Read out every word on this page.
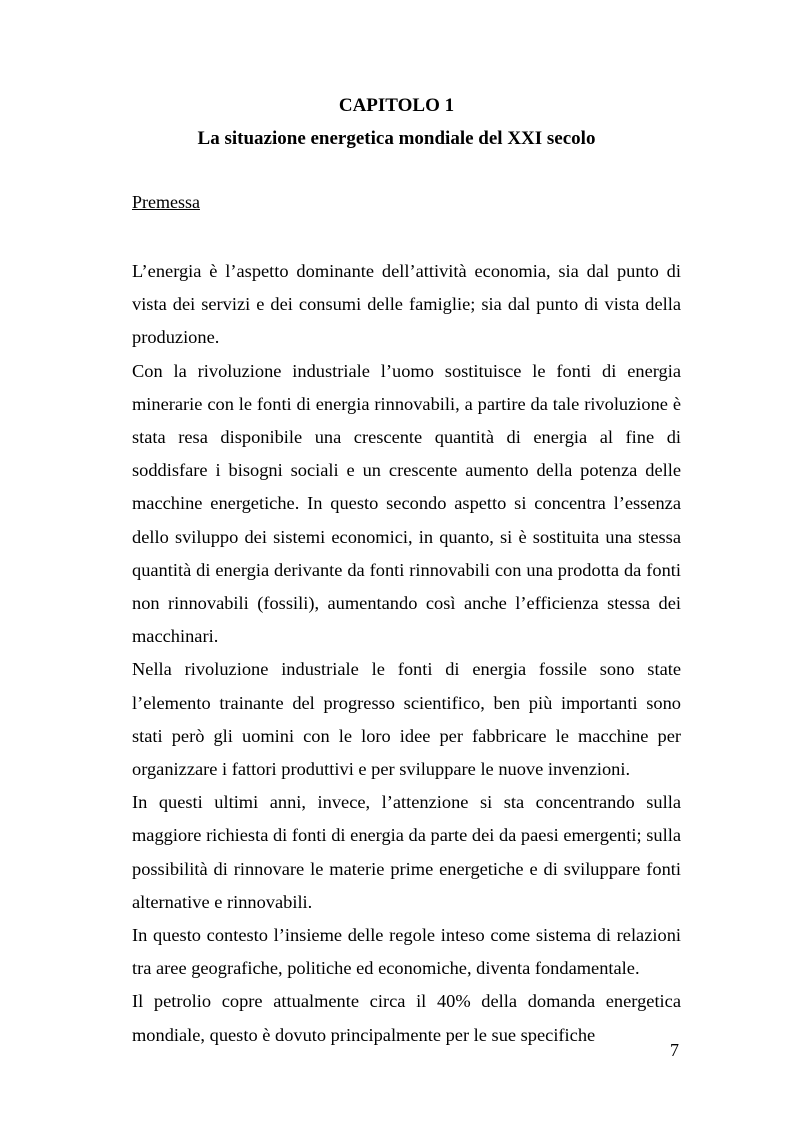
CAPITOLO 1
La situazione energetica mondiale del XXI secolo
Premessa

L’energia è l’aspetto dominante dell’attività economia, sia dal punto di vista dei servizi e dei consumi delle famiglie; sia dal punto di vista della produzione.

Con la rivoluzione industriale l’uomo sostituisce le fonti di energia minerarie con le fonti di energia rinnovabili, a partire da tale rivoluzione è stata resa disponibile una crescente quantità di energia al fine di soddisfare i bisogni sociali e un crescente aumento della potenza delle macchine energetiche. In questo secondo aspetto si concentra l’essenza dello sviluppo dei sistemi economici, in quanto, si è sostituita una stessa quantità di energia derivante da fonti rinnovabili con una prodotta da fonti non rinnovabili (fossili), aumentando così anche l’efficienza stessa dei macchinari.

Nella rivoluzione industriale le fonti di energia fossile sono state l’elemento trainante del progresso scientifico, ben più importanti sono stati però gli uomini con le loro idee per fabbricare le macchine per organizzare i fattori produttivi e per sviluppare le nuove invenzioni.

In questi ultimi anni, invece, l’attenzione si sta concentrando sulla maggiore richiesta di fonti di energia da parte dei da paesi emergenti; sulla possibilità di rinnovare le materie prime energetiche e di sviluppare fonti alternative e rinnovabili.

In questo contesto l’insieme delle regole inteso come sistema di relazioni tra aree geografiche, politiche ed economiche, diventa fondamentale.

Il petrolio copre attualmente circa il 40% della domanda energetica mondiale, questo è dovuto principalmente per le sue specifiche

7
